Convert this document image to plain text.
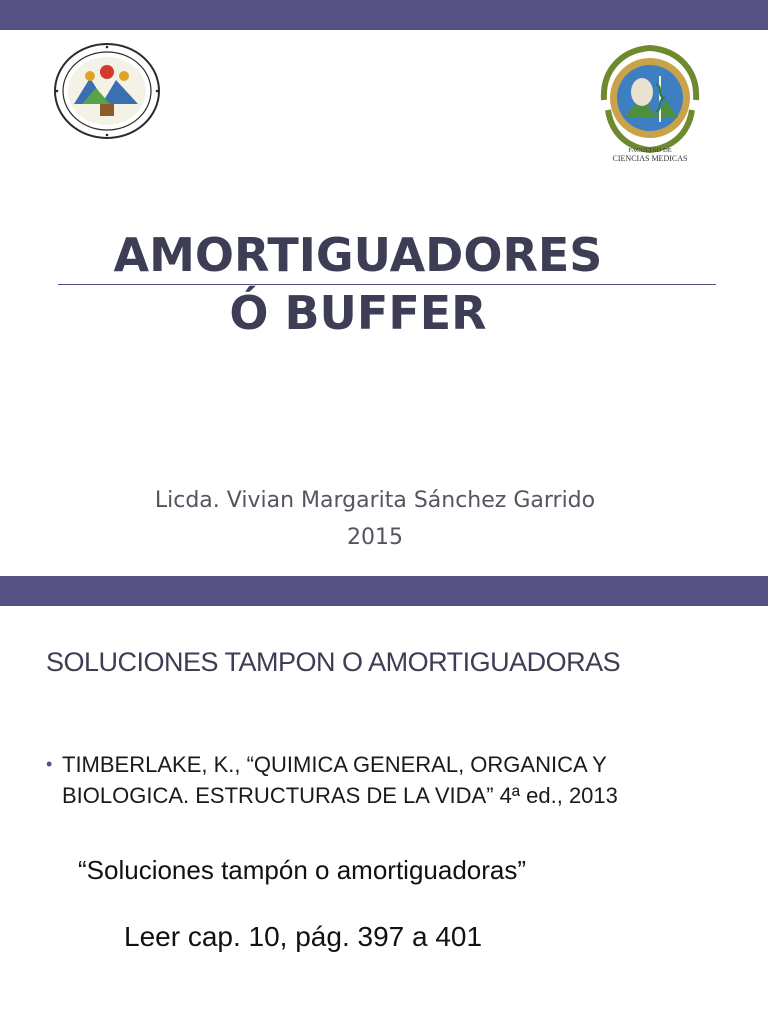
FACULTAD DE
CIENCIAS MEDICAS
AMORTIGUADORES
Ó BUFFER
Licda. Vivian Margarita Sánchez Garrido
2015
SOLUCIONES TAMPON O AMORTIGUADORAS
• TIMBERLAKE, K., “QUIMICA GENERAL, ORGANICA Y BIOLOGICA. ESTRUCTURAS DE LA VIDA” 4ª ed., 2013
“Soluciones tampón o amortiguadoras”
Leer cap. 10, pág. 397 a 401
